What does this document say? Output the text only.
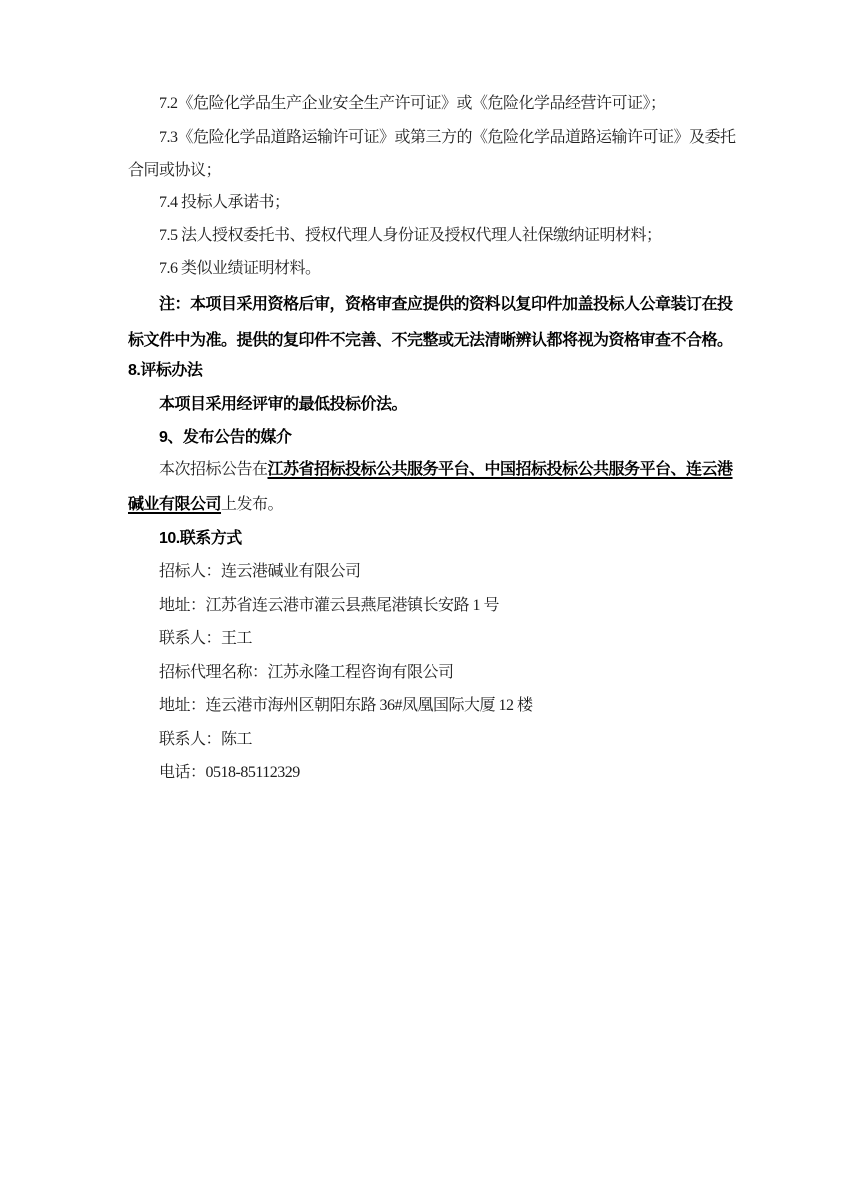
7.2《危险化学品生产企业安全生产许可证》或《危险化学品经营许可证》；
7.3《危险化学品道路运输许可证》或第三方的《危险化学品道路运输许可证》及委托
合同或协议；
7.4 投标人承诺书；
7.5 法人授权委托书、授权代理人身份证及授权代理人社保缴纳证明材料；
7.6 类似业绩证明材料。
注：本项目采用资格后审，资格审查应提供的资料以复印件加盖投标人公章装订在投
标文件中为准。提供的复印件不完善、不完整或无法清晰辨认都将视为资格审查不合格。
8.评标办法
本项目采用经评审的最低投标价法。
9、发布公告的媒介
本次招标公告在江苏省招标投标公共服务平台、中国招标投标公共服务平台、连云港
碱业有限公司上发布。
10.联系方式
招标人：连云港碱业有限公司
地址：江苏省连云港市灌云县燕尾港镇长安路 1 号
联系人：王工
招标代理名称：江苏永隆工程咨询有限公司
地址：连云港市海州区朝阳东路 36#凤凰国际大厦 12 楼
联系人：陈工
电话：0518-85112329
